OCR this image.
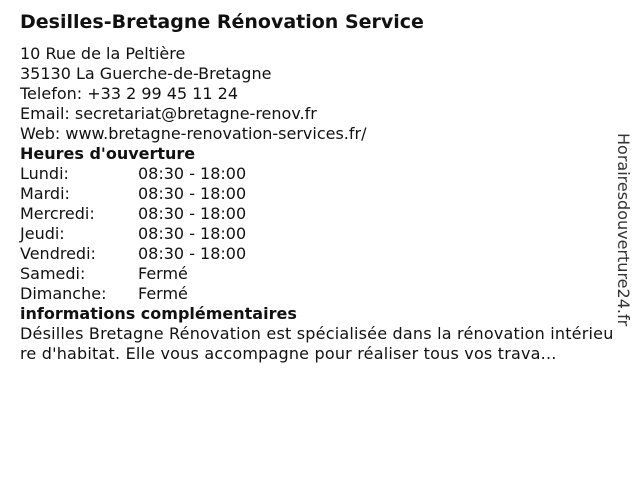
Desilles-Bretagne Rénovation Service
10 Rue de la Peltière
35130 La Guerche-de-Bretagne
Telefon: +33 2 99 45 11 24
Email: secretariat@bretagne-renov.fr
Web: www.bretagne-renovation-services.fr/
Heures d'ouverture
Lundi:	08:30 - 18:00
Mardi:	08:30 - 18:00
Mercredi:	08:30 - 18:00
Jeudi:	08:30 - 18:00
Vendredi:	08:30 - 18:00
Samedi:	Fermé
Dimanche:	Fermé
informations complémentaires
Désilles Bretagne Rénovation est spécialisée dans la rénovation intérieure d'habitat. Elle vous accompagne pour réaliser tous vos trava...
Horairesdouverture24.fr
